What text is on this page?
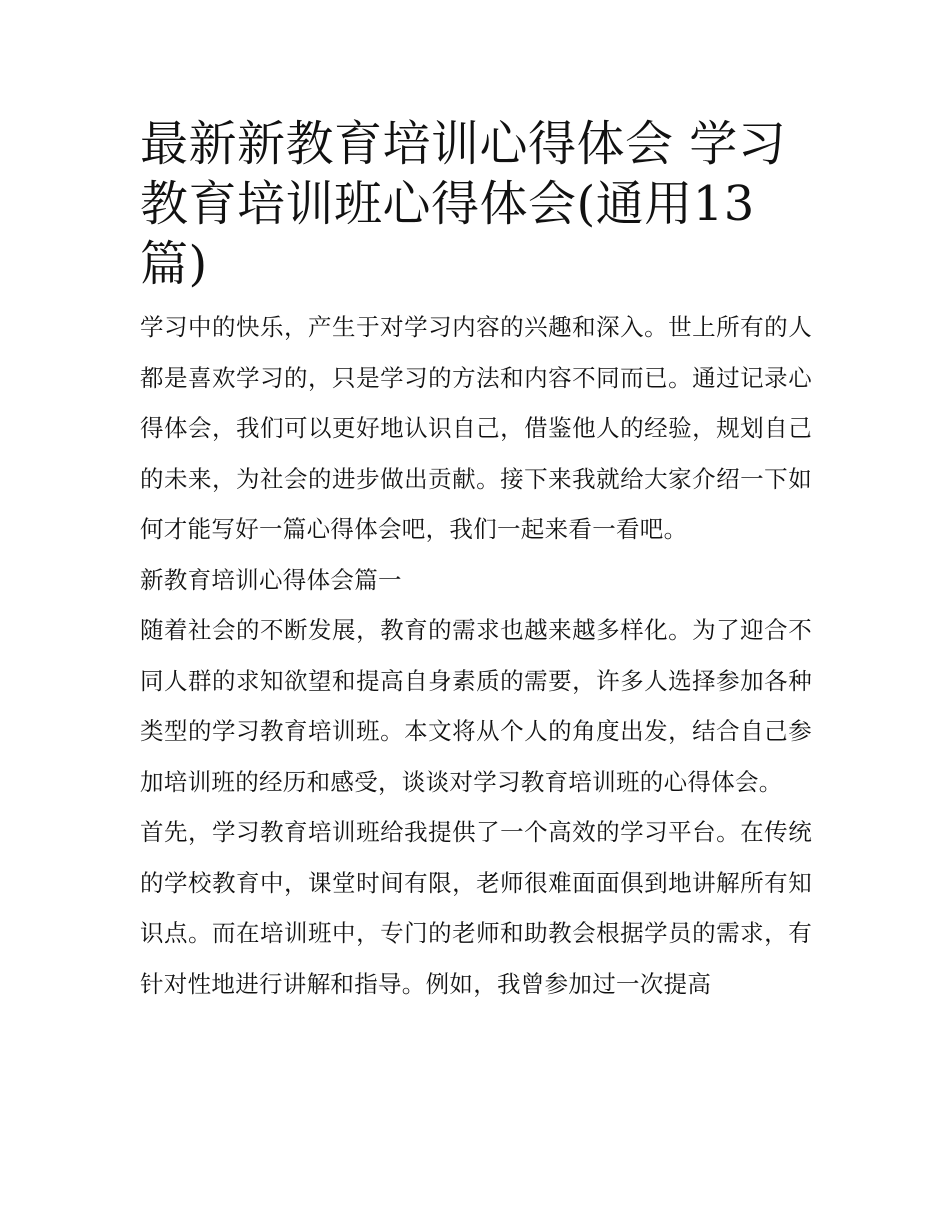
最新新教育培训心得体会 学习教育培训班心得体会(通用13篇)

学习中的快乐，产生于对学习内容的兴趣和深入。世上所有的人都是喜欢学习的，只是学习的方法和内容不同而已。通过记录心得体会，我们可以更好地认识自己，借鉴他人的经验，规划自己的未来，为社会的进步做出贡献。接下来我就给大家介绍一下如何才能写好一篇心得体会吧，我们一起来看一看吧。

新教育培训心得体会篇一

随着社会的不断发展，教育的需求也越来越多样化。为了迎合不同人群的求知欲望和提高自身素质的需要，许多人选择参加各种类型的学习教育培训班。本文将从个人的角度出发，结合自己参加培训班的经历和感受，谈谈对学习教育培训班的心得体会。

首先，学习教育培训班给我提供了一个高效的学习平台。在传统的学校教育中，课堂时间有限，老师很难面面俱到地讲解所有知识点。而在培训班中，专门的老师和助教会根据学员的需求，有针对性地进行讲解和指导。例如，我曾参加过一次提高
